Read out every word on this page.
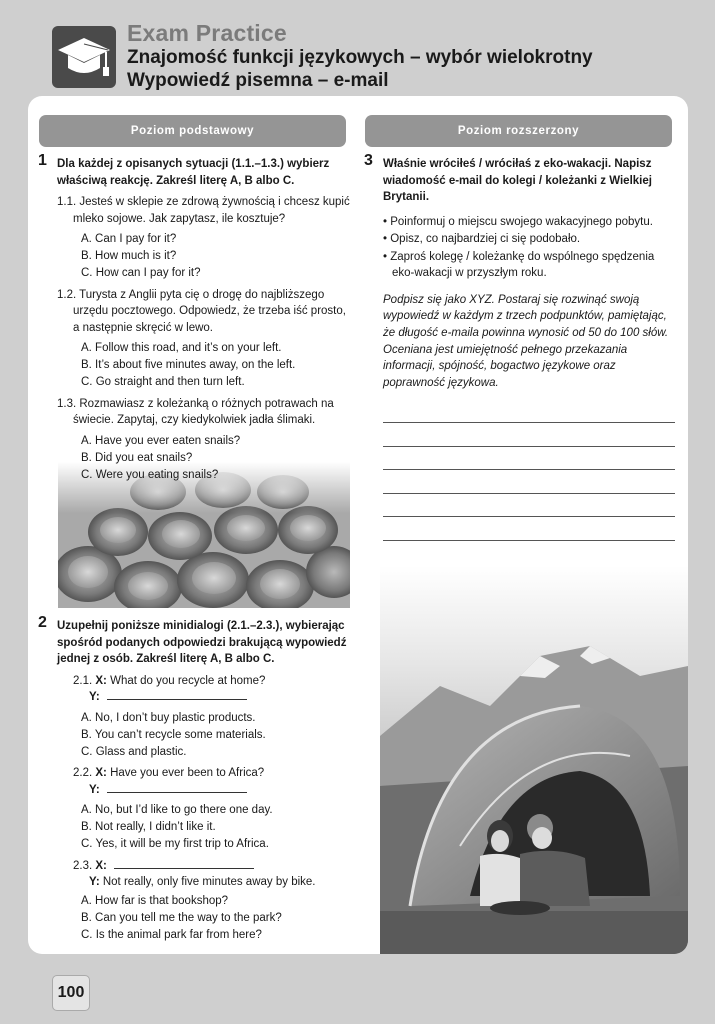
Exam Practice
Znajomość funkcji językowych – wybór wielokrotny
Wypowiedź pisemna – e-mail
Poziom podstawowy	Poziom rozszerzony
1 Dla każdej z opisanych sytuacji (1.1.–1.3.) wybierz właściwą reakcję. Zakreśl literę A, B albo C.
1.1. Jesteś w sklepie ze zdrową żywnością i chcesz kupić mleko sojowe. Jak zapytasz, ile kosztuje?
A. Can I pay for it?
B. How much is it?
C. How can I pay for it?
1.2. Turysta z Anglii pyta cię o drogę do najbliższego urzędu pocztowego. Odpowiedz, że trzeba iść prosto, a następnie skręcić w lewo.
A. Follow this road, and it’s on your left.
B. It’s about five minutes away, on the left.
C. Go straight and then turn left.
1.3. Rozmawiasz z koleżanką o różnych potrawach na świecie. Zapytaj, czy kiedykolwiek jadła ślimaki.
A. Have you ever eaten snails?
B. Did you eat snails?
C. Were you eating snails?
2 Uzupełnij poniższe minidialogi (2.1.–2.3.), wybierając spośród podanych odpowiedzi brakującą wypowiedź jednej z osób. Zakreśl literę A, B albo C.
2.1. X: What do you recycle at home?
Y:
A. No, I don’t buy plastic products.
B. You can’t recycle some materials.
C. Glass and plastic.
2.2. X: Have you ever been to Africa?
Y:
A. No, but I’d like to go there one day.
B. Not really, I didn’t like it.
C. Yes, it will be my first trip to Africa.
2.3. X:
Y: Not really, only five minutes away by bike.
A. How far is that bookshop?
B. Can you tell me the way to the park?
C. Is the animal park far from here?
3 Właśnie wróciłeś / wróciłaś z eko-wakacji. Napisz wiadomość e-mail do kolegi / koleżanki z Wielkiej Brytanii.
• Poinformuj o miejscu swojego wakacyjnego pobytu.
• Opisz, co najbardziej ci się podobało.
• Zaproś kolegę / koleżankę do wspólnego spędzenia eko-wakacji w przyszłym roku.
Podpisz się jako XYZ. Postaraj się rozwinąć swoją wypowiedź w każdym z trzech podpunktów, pamiętając, że długość e-maila powinna wynosić od 50 do 100 słów. Oceniana jest umiejętność pełnego przekazania informacji, spójność, bogactwo językowe oraz poprawność językowa.
100
